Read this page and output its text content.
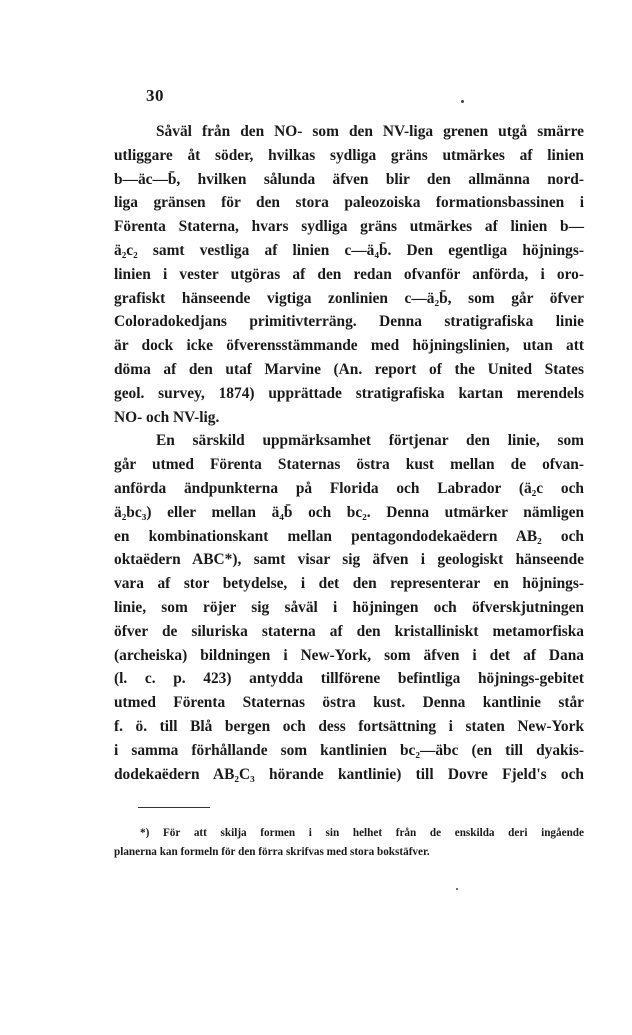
30
Såväl från den NO- som den NV-liga grenen utgå smärre
utliggare åt söder, hvilkas sydliga gräns utmärkes af linien
b—äc—b̄, hvilken sålunda äfven blir den allmänna nord-
liga gränsen för den stora paleozoiska formationsbassinen i
Förenta Staterna, hvars sydliga gräns utmärkes af linien b—
ä₂c₂ samt vestliga af linien c—ä₄b̄. Den egentliga höjnings-
linien i vester utgöras af den redan ofvanför anförda, i oro-
grafiskt hänseende vigtiga zonlinien c—ä₂b̄, som går öfver
Coloradokedjans primitivterräng. Denna stratigrafiska linie
är dock icke öfverensstämmande med höjningslinien, utan att
döma af den utaf Marvine (An. report of the United States
geol. survey, 1874) upprättade stratigrafiska kartan merendels
NO- och NV-lig.
En särskild uppmärksamhet förtjenar den linie, som
går utmed Förenta Staternas östra kust mellan de ofvan-
anförda ändpunkterna på Florida och Labrador (ä₂c och
ä₂bc₃) eller mellan ä₄b̄ och bc₂. Denna utmärker nämligen
en kombinationskant mellan pentagondodekaëdern AB₂ och
oktaëdern ABC*), samt visar sig äfven i geologiskt hänseende
vara af stor betydelse, i det den representerar en höjnings-
linie, som röjer sig såväl i höjningen och öfverskjutningen
öfver de siluriska staterna af den kristalliniskt metamorfiska
(archeiska) bildningen i New-York, som äfven i det af Dana
(l. c. p. 423) antydda tillförene befintliga höjnings-gebitet
utmed Förenta Staternas östra kust. Denna kantlinie står
f. ö. till Blå bergen och dess fortsättning i staten New-York
i samma förhållande som kantlinien bc₂—äbc (en till dyakis-
dodekaëdern AB₂C₃ hörande kantlinie) till Dovre Fjeld's och
*) För att skilja formen i sin helhet från de enskilda deri ingående
planerna kan formeln för den förra skrifvas med stora bokstäfver.
